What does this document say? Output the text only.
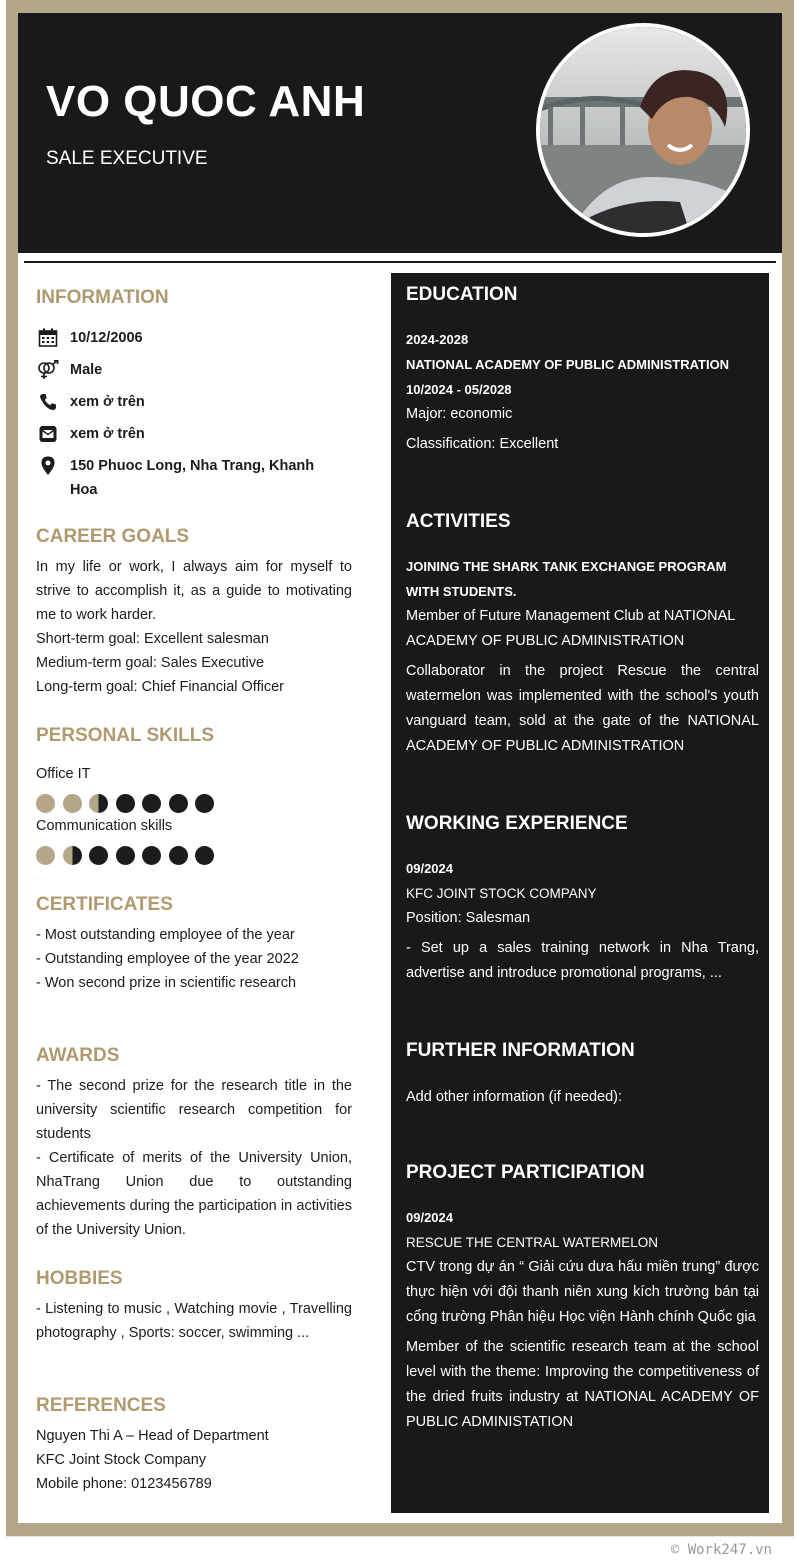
VO QUOC ANH
SALE EXECUTIVE
INFORMATION
10/12/2006
Male
xem ở trên
xem ở trên
150 Phuoc Long, Nha Trang, Khanh Hoa
CAREER GOALS
In my life or work, I always aim for myself to strive to accomplish it, as a guide to motivating me to work harder.
Short-term goal: Excellent salesman
Medium-term goal: Sales Executive
Long-term goal: Chief Financial Officer
PERSONAL SKILLS
Office IT
Communication skills
CERTIFICATES
- Most outstanding employee of the year
- Outstanding employee of the year 2022
- Won second prize in scientific research
AWARDS
- The second prize for the research title in the university scientific research competition for students
- Certificate of merits of the University Union, NhaTrang Union due to outstanding achievements during the participation in activities of the University Union.
HOBBIES
- Listening to music , Watching movie , Travelling photography , Sports: soccer, swimming ...
REFERENCES
Nguyen Thi A – Head of Department
KFC Joint Stock Company
Mobile phone: 0123456789
EDUCATION
2024-2028
NATIONAL ACADEMY OF PUBLIC ADMINISTRATION
10/2024 - 05/2028
Major: economic
Classification: Excellent
ACTIVITIES
JOINING THE SHARK TANK EXCHANGE PROGRAM WITH STUDENTS.
Member of Future Management Club at NATIONAL ACADEMY OF PUBLIC ADMINISTRATION
Collaborator in the project Rescue the central watermelon was implemented with the school's youth vanguard team, sold at the gate of the NATIONAL ACADEMY OF PUBLIC ADMINISTRATION
WORKING EXPERIENCE
09/2024
KFC JOINT STOCK COMPANY
Position: Salesman
- Set up a sales training network in Nha Trang, advertise and introduce promotional programs, ...
FURTHER INFORMATION
Add other information (if needed):
PROJECT PARTICIPATION
09/2024
RESCUE THE CENTRAL WATERMELON
CTV trong dự án “ Giải cứu dưa hấu miền trung” được thực hiện với đội thanh niên xung kích trường bán tại cổng trường Phân hiệu Học viện Hành chính Quốc gia
Member of the scientific research team at the school level with the theme: Improving the competitiveness of the dried fruits industry at NATIONAL ACADEMY OF PUBLIC ADMINISTATION
© Work247.vn
